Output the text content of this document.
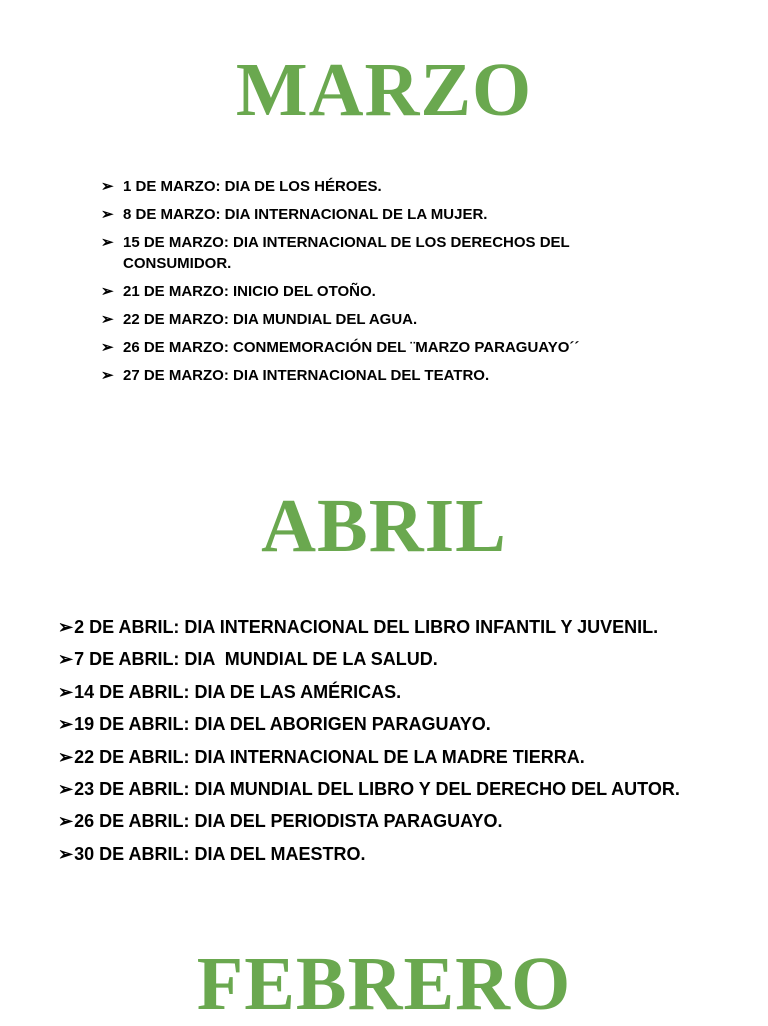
MARZO
➢ 1 DE MARZO: DIA DE LOS HÉROES.
➢ 8 DE MARZO: DIA INTERNACIONAL DE LA MUJER.
➢ 15 DE MARZO: DIA INTERNACIONAL DE LOS DERECHOS DEL CONSUMIDOR.
➢ 21 DE MARZO: INICIO DEL OTOÑO.
➢ 22 DE MARZO: DIA MUNDIAL DEL AGUA.
➢ 26 DE MARZO: CONMEMORACIÓN DEL ¨MARZO PARAGUAYO´´
➢ 27 DE MARZO: DIA INTERNACIONAL DEL TEATRO.
ABRIL
➢2 DE ABRIL: DIA INTERNACIONAL DEL LIBRO INFANTIL Y JUVENIL.
➢7 DE ABRIL: DIA  MUNDIAL DE LA SALUD.
➢14 DE ABRIL: DIA DE LAS AMÉRICAS.
➢19 DE ABRIL: DIA DEL ABORIGEN PARAGUAYO.
➢22 DE ABRIL: DIA INTERNACIONAL DE LA MADRE TIERRA.
➢23 DE ABRIL: DIA MUNDIAL DEL LIBRO Y DEL DERECHO DEL AUTOR.
➢26 DE ABRIL: DIA DEL PERIODISTA PARAGUAYO.
➢30 DE ABRIL: DIA DEL MAESTRO.
FEBRERO
